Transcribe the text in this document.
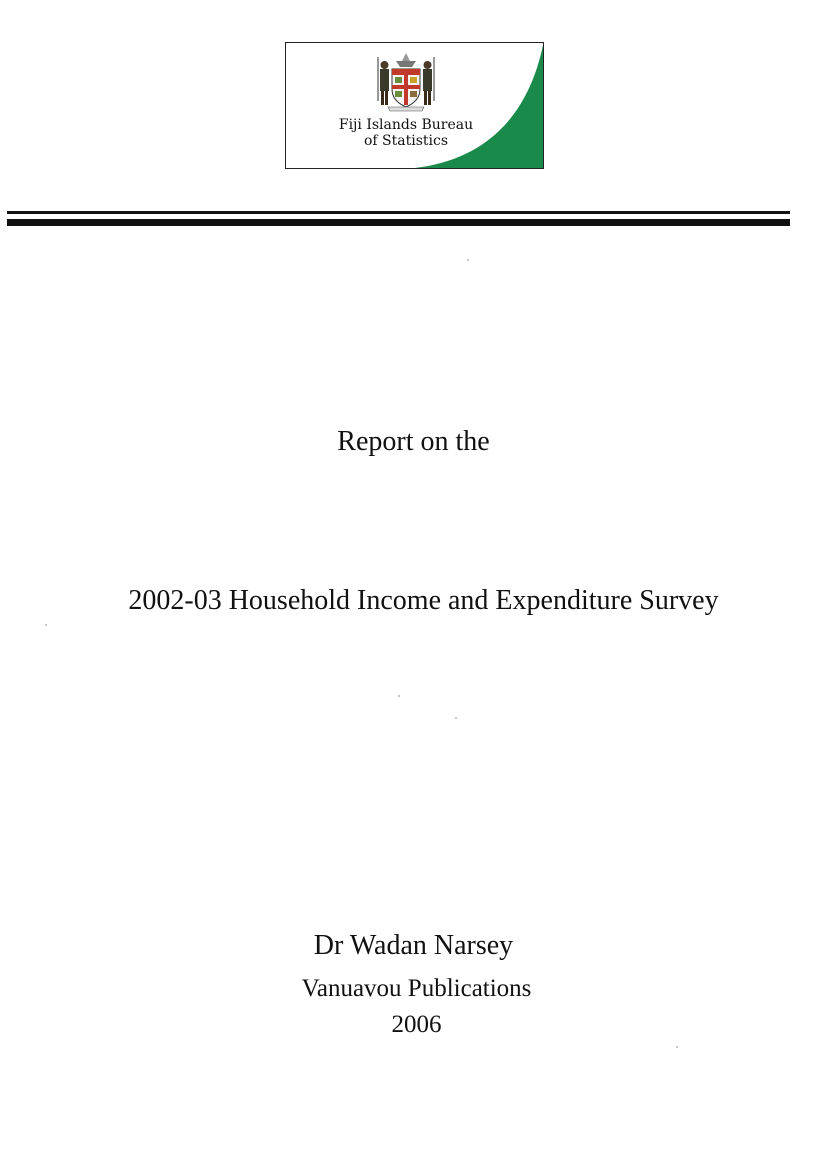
Fiji Islands Bureau
of Statistics
Report on the
2002-03 Household Income and Expenditure Survey
Dr Wadan Narsey
Vanuavou Publications
2006
